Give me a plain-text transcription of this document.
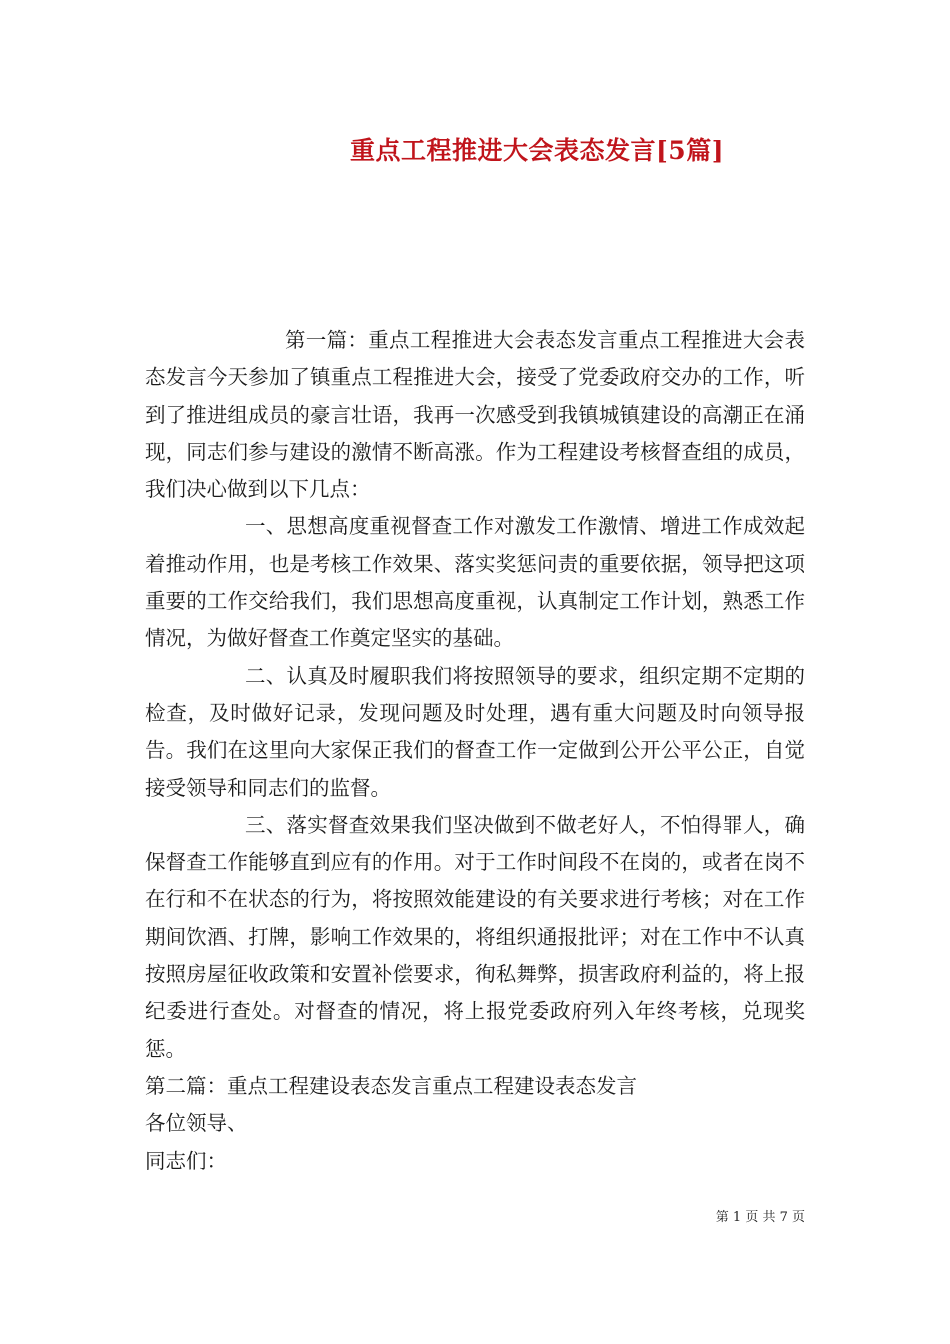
重点工程推进大会表态发言[5篇]

第一篇：重点工程推进大会表态发言重点工程推进大会表态发言今天参加了镇重点工程推进大会，接受了党委政府交办的工作，听到了推进组成员的豪言壮语，我再一次感受到我镇城镇建设的高潮正在涌现，同志们参与建设的激情不断高涨。作为工程建设考核督查组的成员，我们决心做到以下几点：

一、思想高度重视督查工作对激发工作激情、增进工作成效起着推动作用，也是考核工作效果、落实奖惩问责的重要依据，领导把这项重要的工作交给我们，我们思想高度重视，认真制定工作计划，熟悉工作情况，为做好督查工作奠定坚实的基础。

二、认真及时履职我们将按照领导的要求，组织定期不定期的检查，及时做好记录，发现问题及时处理，遇有重大问题及时向领导报告。我们在这里向大家保正我们的督查工作一定做到公开公平公正，自觉接受领导和同志们的监督。

三、落实督查效果我们坚决做到不做老好人，不怕得罪人，确保督查工作能够直到应有的作用。对于工作时间段不在岗的，或者在岗不在行和不在状态的行为，将按照效能建设的有关要求进行考核；对在工作期间饮酒、打牌，影响工作效果的，将组织通报批评；对在工作中不认真按照房屋征收政策和安置补偿要求，徇私舞弊，损害政府利益的，将上报纪委进行查处。对督查的情况，将上报党委政府列入年终考核，兑现奖惩。

第二篇：重点工程建设表态发言重点工程建设表态发言

各位领导、

同志们：

第 1 页 共 7 页
